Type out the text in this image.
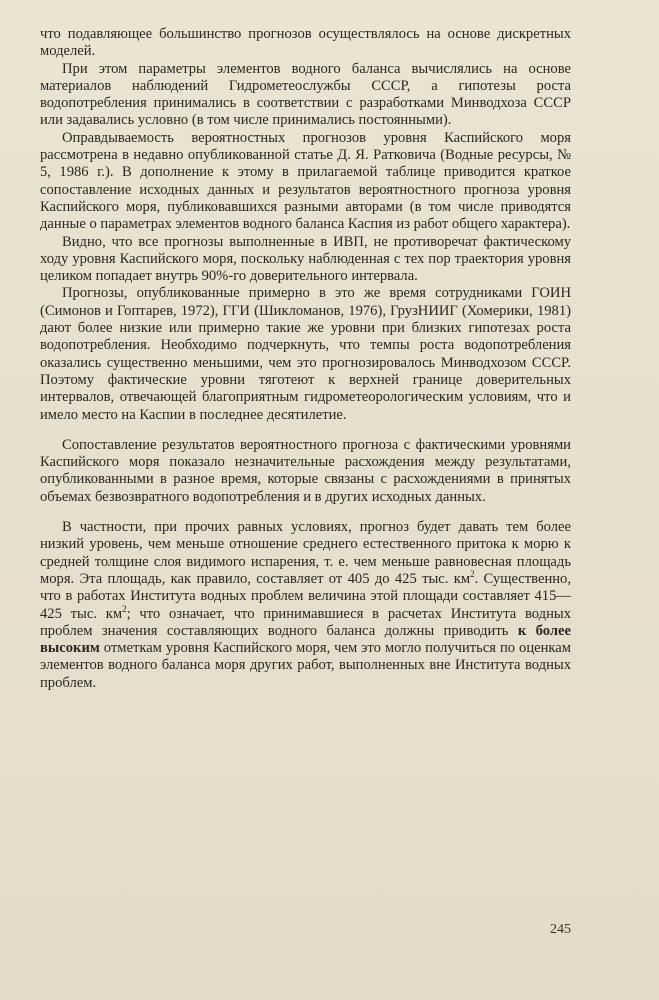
что подавляющее большинство прогнозов осуществлялось на основе дискретных моделей.

При этом параметры элементов водного баланса вычислялись на основе материалов наблюдений Гидрометеослужбы СССР, а гипотезы роста водопотребления принимались в соответствии с разработками Минводхоза СССР или задавались условно (в том числе принимались постоянными).

Оправдываемость вероятностных прогнозов уровня Каспийского моря рассмотрена в недавно опубликованной статье Д. Я. Ратковича (Водные ресурсы, № 5, 1986 г.). В дополнение к этому в прилагаемой таблице приводится краткое сопоставление исходных данных и результатов вероятностного прогноза уровня Каспийского моря, публиковавшихся разными авторами (в том числе приводятся данные о параметрах элементов водного баланса Каспия из работ общего характера).

Видно, что все прогнозы выполненные в ИВП, не противоречат фактическому ходу уровня Каспийского моря, поскольку наблюденная с тех пор траектория уровня целиком попадает внутрь 90%-го доверительного интервала.

Прогнозы, опубликованные примерно в это же время сотрудниками ГОИН (Симонов и Гоптарев, 1972), ГГИ (Шикломанов, 1976), ГрузНИИГ (Хомерики, 1981) дают более низкие или примерно такие же уровни при близких гипотезах роста водопотребления. Необходимо подчеркнуть, что темпы роста водопотребления оказались существенно меньшими, чем это прогнозировалось Минводхозом СССР. Поэтому фактические уровни тяготеют к верхней границе доверительных интервалов, отвечающей благоприятным гидрометеорологическим условиям, что и имело место на Каспии в последнее десятилетие.

Сопоставление результатов вероятностного прогноза с фактическими уровнями Каспийского моря показало незначительные расхождения между результатами, опубликованными в разное время, которые связаны с расхождениями в принятых объемах безвозвратного водопотребления и в других исходных данных.

В частности, при прочих равных условиях, прогноз будет давать тем более низкий уровень, чем меньше отношение среднего естественного притока к морю к средней толщине слоя видимого испарения, т. е. чем меньше равновесная площадь моря. Эта площадь, как правило, составляет от 405 до 425 тыс. $км^2$. Существенно, что в работах Института водных проблем величина этой площади составляет 415—425 тыс. $км^2$; что означает, что принимавшиеся в расчетах Института водных проблем значения составляющих водного баланса должны приводить к более высоким отметкам уровня Каспийского моря, чем это могло получиться по оценкам элементов водного баланса моря других работ, выполненных вне Института водных проблем.

245
